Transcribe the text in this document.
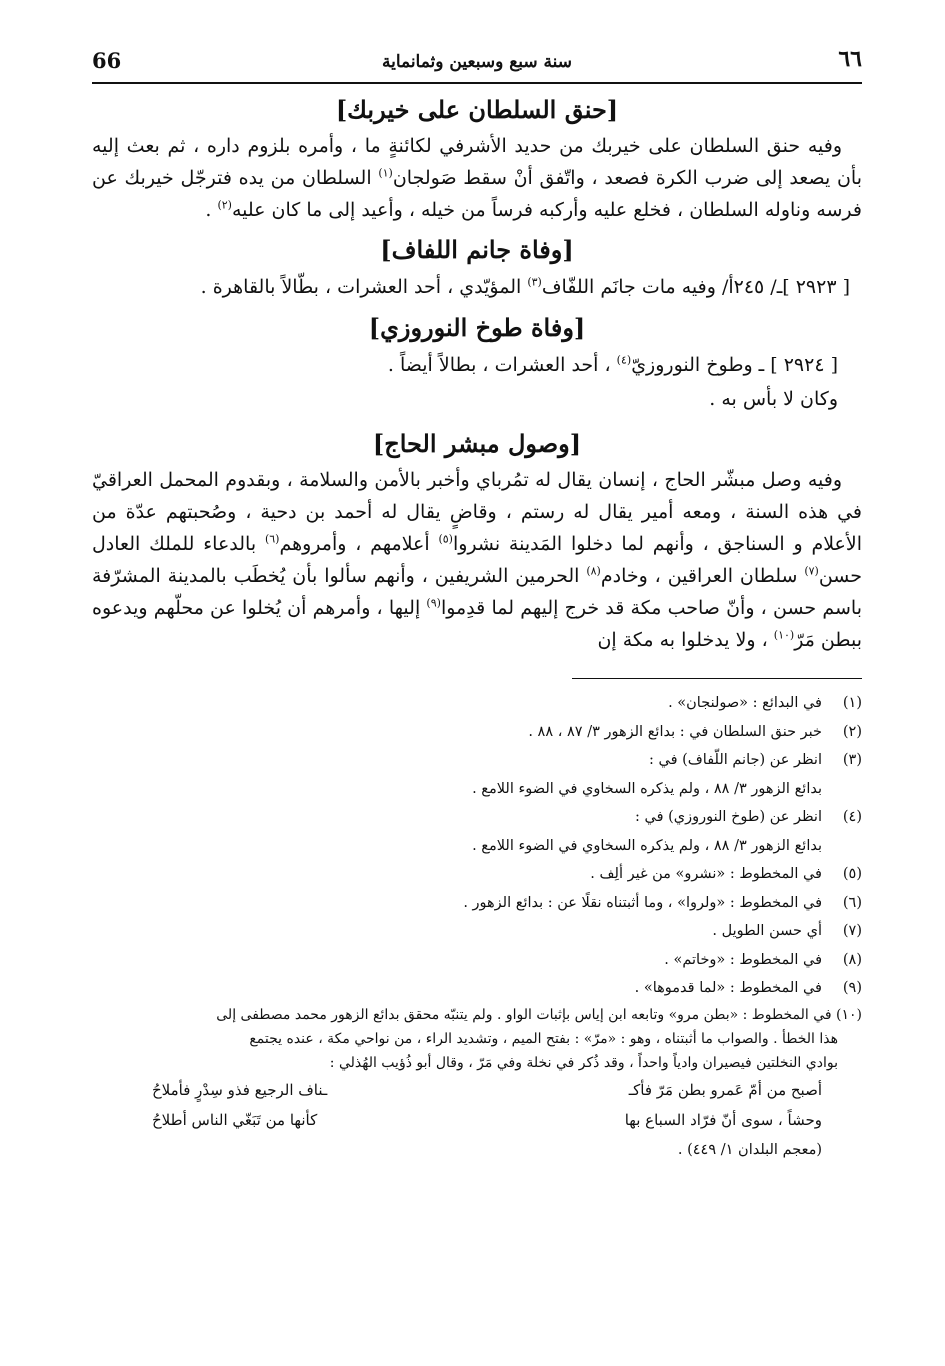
٦٦
سنة سبع وسبعين وثمانماية
66
[حنق السلطان على خيربك]

وفيه حنق السلطان على خيربك من حديد الأشرفي لكائنةٍ ما ، وأمره بلزوم داره ، ثم بعث إليه بأن يصعد إلى ضرب الكرة فصعد ، واتّفق أنْ سقط صَولجان$^{(١)}$ السلطان من يده فترجّل خيربك عن فرسه وناوله السلطان ، فخلع عليه وأركبه فرساً من خيله ، وأعيد إلى ما كان عليه$^{(٢)}$ .

[وفاة جانم اللفاف]

[ ٢٩٢٣ ]ـ/ ٢٤٥أ/ وفيه مات جانَم اللفّاف$^{(٣)}$ المؤيّدي ، أحد العشرات ، بطّالاً بالقاهرة .

[وفاة طوخ النوروزي]

[ ٢٩٢٤ ] ـ وطوخ النوروزيّ$^{(٤)}$ ، أحد العشرات ، بطالاً أيضاً .

وكان لا بأس به .

[وصول مبشر الحاج]

وفيه وصل مبشّر الحاج ، إنسان يقال له تمُرباي وأخبر بالأمن والسلامة ، وبقدوم المحمل العراقيّ في هذه السنة ، ومعه أمير يقال له رستم ، وقاضٍ يقال له أحمد بن دحية ، وصُحبتهم عدّة من الأعلام و السناجق ، وأنهم لما دخلوا المَدينة نشروا$^{(٥)}$ أعلامهم ، وأمروهم$^{(٦)}$ بالدعاء للملك العادل حسن$^{(٧)}$ سلطان العراقين ، وخادم$^{(٨)}$ الحرمين الشريفين ، وأنهم سألوا بأن يُخطَب بالمدينة المشرّفة باسم حسن ، وأنّ صاحب مكة قد خرج إليهم لما قدِموا$^{(٩)}$ إليها ، وأمرهم أن يُخلوا عن محلّهم ويدعوه ببطن مَرّ$^{(١٠)}$ ، ولا يدخلوا به مكة إن

(١)
في البدائع : «صولنجان» .

(٢)
خبر حنق السلطان في : بدائع الزهور ٣/ ٨٧ ، ٨٨ .

(٣)
انظر عن (جانم اللّفاف) في :

بدائع الزهور ٣/ ٨٨ ، ولم يذكره السخاوي في الضوء اللامع .

(٤)
انظر عن (طوخ النوروزي) في :

بدائع الزهور ٣/ ٨٨ ، ولم يذكره السخاوي في الضوء اللامع .

(٥)
في المخطوط : «نشرو» من غير ألِف .

(٦)
في المخطوط : «ولروا» ، وما أثبتناه نقلًا عن : بدائع الزهور .

(٧)
أي حسن الطويل .

(٨)
في المخطوط : «وخاتم» .

(٩)
في المخطوط : «لما قدموها» .

(١٠) في المخطوط : «بطن مرو» وتابعه ابن إياس بإثبات الواو . ولم يتنبّه محقق بدائع الزهور محمد مصطفى إلى

هذا الخطأ . والصواب ما أثبتناه ، وهو : «مرّ» : بفتح الميم ، وتشديد الراء ، من نواحي مكة ، عنده يجتمع

بوادي النخلتين فيصيران وادياً واحداً ، وقد ذُكر في نخلة وفي مَرّ ، وقال أبو ذُؤيب الهُذلي :

أصبح من أمّ عَمرو بطن مَرّ فأكـ
ـناف الرجيع فذو سِدْرٍ فأملاحُ
وحشاً ، سوى أنّ فرّاد السباع بها
كأنها من تَبَغّي الناس أطلاحُ

(معجم البلدان ١/ ٤٤٩) .
